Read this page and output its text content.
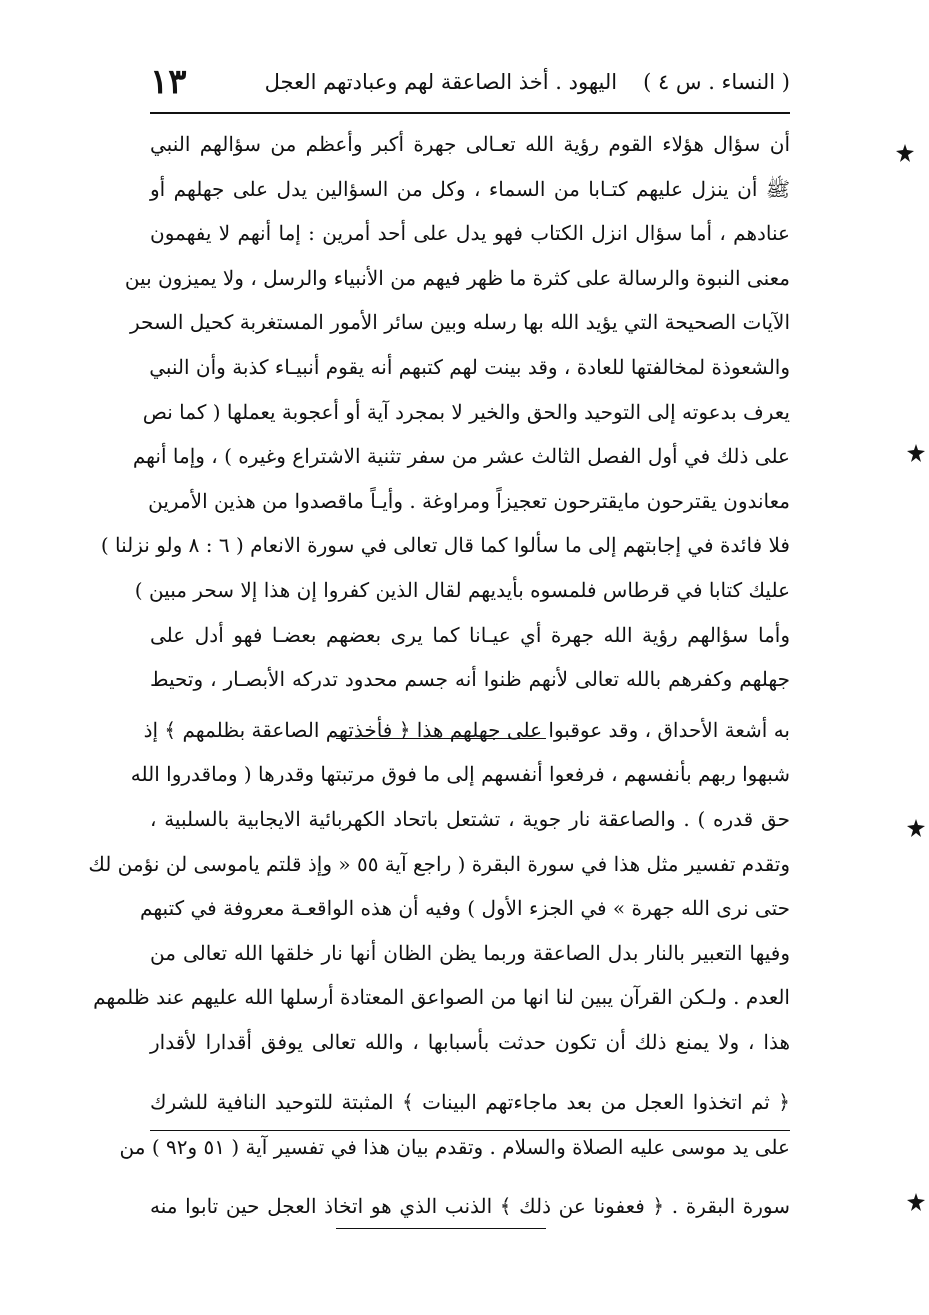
( النساء . س ٤ )
اليهود . أخذ الصاعقة لهم وعبادتهم العجل
١٣
أن سؤال هؤلاء القوم رؤية الله تعـالى جهرة أكبر وأعظم من سؤالهم النبي
ﷺ أن ينزل عليهم كتـابا من السماء ، وكل من السؤالين يدل على جهلهم أو
عنادهم ، أما سؤال انزل الكتاب فهو يدل على أحد أمرين : إما أنهم لا يفهمون
معنى النبوة والرسالة على كثرة ما ظهر فيهم من الأنبياء والرسل ، ولا يميزون بين
الآيات الصحيحة التي يؤيد الله بها رسله وبين سائر الأمور المستغربة كحيل السحر
والشعوذة لمخالفتها للعادة ، وقد بينت لهم كتبهم أنه يقوم أنبيـاء كذبة وأن النبي
يعرف بدعوته إلى التوحيد والحق والخير لا بمجرد آية أو أعجوبة يعملها ( كما نص
على ذلك في أول الفصل الثالث عشر من سفر تثنية الاشتراع وغيره ) ، وإما أنهم
معاندون يقترحون مايقترحون تعجيزاً ومراوغة . وأيـاً ماقصدوا من هذين الأمرين
فلا فائدة في إجابتهم إلى ما سألوا كما قال تعالى في سورة الانعام ( ٦ : ٨ ولو نزلنا )
عليك كتابا في قرطاس فلمسوه بأيديهم لقال الذين كفروا إن هذا إلا سحر مبين )
وأما سؤالهم رؤية الله جهرة أي عيـانا كما يرى بعضهم بعضـا فهو أدل على
جهلهم وكفرهم بالله تعالى لأنهم ظنوا أنه جسم محدود تدركه الأبصـار ، وتحيط
به أشعة الأحداق ، وقد عوقبوا على جهلهم هذا ﴿ فأخذتهم الصاعقة بظلمهم ﴾ إذ
شبهوا ربهم بأنفسهم ، فرفعوا أنفسهم إلى ما فوق مرتبتها وقدرها ( وماقدروا الله
حق قدره ) . والصاعقة نار جوية ، تشتعل باتحاد الكهربائية الايجابية بالسلبية ،
وتقدم تفسير مثل هذا في سورة البقرة ( راجع آية ٥٥ « وإذ قلتم ياموسى لن نؤمن لك
حتى نرى الله جهرة » في الجزء الأول ) وفيه أن هذه الواقعـة معروفة في كتبهم
وفيها التعبير بالنار بدل الصاعقة وربما يظن الظان أنها نار خلقها الله تعالى من
العدم . ولـكن القرآن يبين لنا انها من الصواعق المعتادة أرسلها الله عليهم عند ظلمهم
هذا ، ولا يمنع ذلك أن تكون حدثت بأسبابها ، والله تعالى يوفق أقدارا لأقدار
﴿ ثم اتخذوا العجل من بعد ماجاءتهم البينات ﴾ المثبتة للتوحيد النافية للشرك
على يد موسى عليه الصلاة والسلام . وتقدم بيان هذا في تفسير آية ( ٥١ و٩٢ ) من
سورة البقرة . ﴿ فعفونا عن ذلك ﴾ الذنب الذي هو اتخاذ العجل حين تابوا منه
